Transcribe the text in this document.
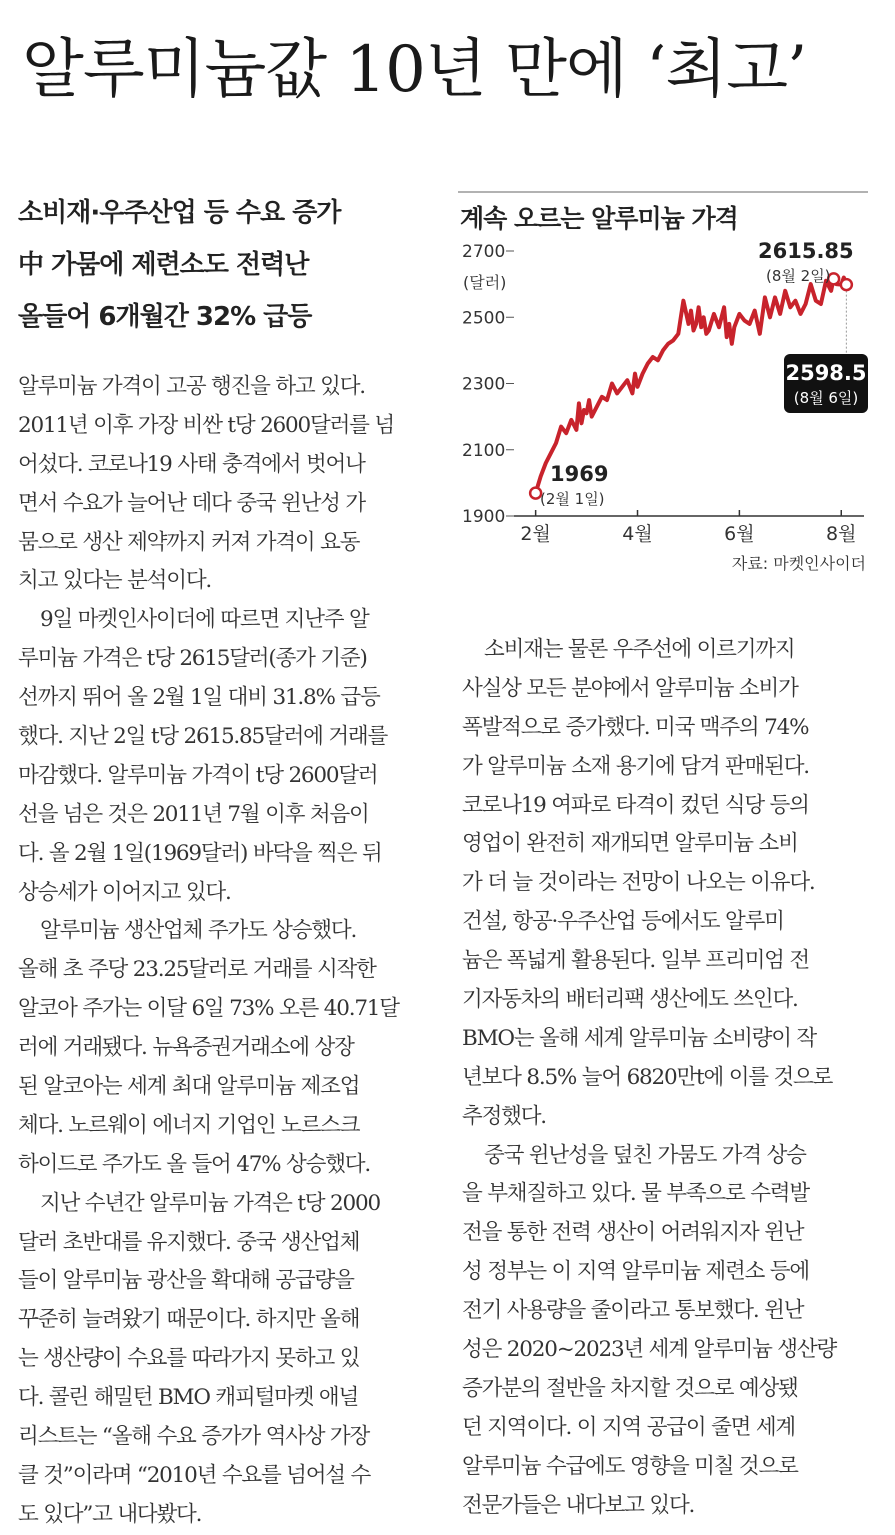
알루미늄값 10년 만에 ‘최고’
소비재·우주산업 등 수요 증가
中 가뭄에 제련소도 전력난
올들어 6개월간 32% 급등
알루미늄 가격이 고공 행진을 하고 있다.
2011년 이후 가장 비싼 t당 2600달러를 넘
어섰다. 코로나19 사태 충격에서 벗어나
면서 수요가 늘어난 데다 중국 윈난성 가
뭄으로 생산 제약까지 커져 가격이 요동
치고 있다는 분석이다.
9일 마켓인사이더에 따르면 지난주 알
루미늄 가격은 t당 2615달러(종가 기준)
선까지 뛰어 올 2월 1일 대비 31.8% 급등
했다. 지난 2일 t당 2615.85달러에 거래를
마감했다. 알루미늄 가격이 t당 2600달러
선을 넘은 것은 2011년 7월 이후 처음이
다. 올 2월 1일(1969달러) 바닥을 찍은 뒤
상승세가 이어지고 있다.
알루미늄 생산업체 주가도 상승했다.
올해 초 주당 23.25달러로 거래를 시작한
알코아 주가는 이달 6일 73% 오른 40.71달
러에 거래됐다. 뉴욕증권거래소에 상장
된 알코아는 세계 최대 알루미늄 제조업
체다. 노르웨이 에너지 기업인 노르스크
하이드로 주가도 올 들어 47% 상승했다.
지난 수년간 알루미늄 가격은 t당 2000
달러 초반대를 유지했다. 중국 생산업체
들이 알루미늄 광산을 확대해 공급량을
꾸준히 늘려왔기 때문이다. 하지만 올해
는 생산량이 수요를 따라가지 못하고 있
다. 콜린 해밀턴 BMO 캐피털마켓 애널
리스트는 “올해 수요 증가가 역사상 가장
클 것”이라며 “2010년 수요를 넘어설 수
도 있다”고 내다봤다.
계속 오르는 알루미늄 가격
(달러)
2700
2500
2300
2100
1900
2월	4월	6월	8월
1969
(2월 1일)
2615.85
(8월 2일)
2598.5
(8월 6일)
자료: 마켓인사이더
소비재는 물론 우주선에 이르기까지
사실상 모든 분야에서 알루미늄 소비가
폭발적으로 증가했다. 미국 맥주의 74%
가 알루미늄 소재 용기에 담겨 판매된다.
코로나19 여파로 타격이 컸던 식당 등의
영업이 완전히 재개되면 알루미늄 소비
가 더 늘 것이라는 전망이 나오는 이유다.
건설, 항공·우주산업 등에서도 알루미
늄은 폭넓게 활용된다. 일부 프리미엄 전
기자동차의 배터리팩 생산에도 쓰인다.
BMO는 올해 세계 알루미늄 소비량이 작
년보다 8.5% 늘어 6820만t에 이를 것으로
추정했다.
중국 윈난성을 덮친 가뭄도 가격 상승
을 부채질하고 있다. 물 부족으로 수력발
전을 통한 전력 생산이 어려워지자 윈난
성 정부는 이 지역 알루미늄 제련소 등에
전기 사용량을 줄이라고 통보했다. 윈난
성은 2020~2023년 세계 알루미늄 생산량
증가분의 절반을 차지할 것으로 예상됐
던 지역이다. 이 지역 공급이 줄면 세계
알루미늄 수급에도 영향을 미칠 것으로
전문가들은 내다보고 있다.
